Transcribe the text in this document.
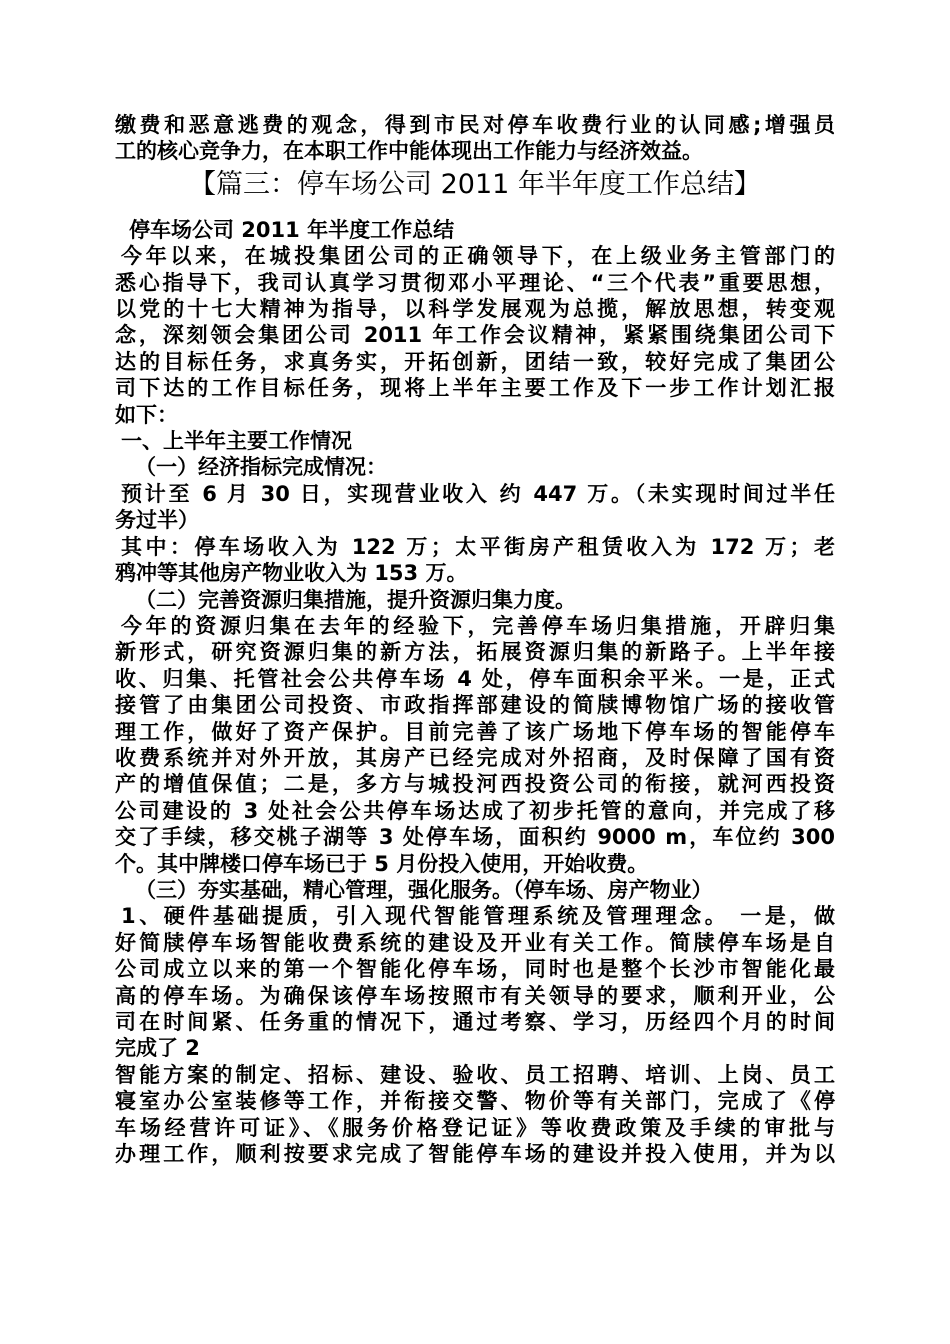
缴费和恶意逃费的观念，得到市民对停车收费行业的认同感;增强员
工的核心竞争力，在本职工作中能体现出工作能力与经济效益。
【篇三：停车场公司 2011 年半年度工作总结】
停车场公司 2011 年半度工作总结
今年以来，在城投集团公司的正确领导下，在上级业务主管部门的
悉心指导下，我司认真学习贯彻邓小平理论、“三个代表”重要思想，
以党的十七大精神为指导，以科学发展观为总揽，解放思想，转变观
念，深刻领会集团公司 2011 年工作会议精神，紧紧围绕集团公司下
达的目标任务，求真务实，开拓创新，团结一致，较好完成了集团公
司下达的工作目标任务，现将上半年主要工作及下一步工作计划汇报
如下：
一、上半年主要工作情况
（一）经济指标完成情况：
预计至 6 月 30 日，实现营业收入 约 447 万。（未实现时间过半任
务过半）
其中：停车场收入为 122 万；太平街房产租赁收入为 172 万；老
鸦冲等其他房产物业收入为 153 万。
（二）完善资源归集措施，提升资源归集力度。
今年的资源归集在去年的经验下，完善停车场归集措施，开辟归集
新形式，研究资源归集的新方法，拓展资源归集的新路子。上半年接
收、归集、托管社会公共停车场 4 处，停车面积余平米。一是，正式
接管了由集团公司投资、市政指挥部建设的简牍博物馆广场的接收管
理工作，做好了资产保护。目前完善了该广场地下停车场的智能停车
收费系统并对外开放，其房产已经完成对外招商，及时保障了国有资
产的增值保值；二是，多方与城投河西投资公司的衔接，就河西投资
公司建设的 3 处社会公共停车场达成了初步托管的意向，并完成了移
交了手续，移交桃子湖等 3 处停车场，面积约 9000 m，车位约 300
个。其中牌楼口停车场已于 5 月份投入使用，开始收费。
（三）夯实基础，精心管理，强化服务。（停车场、房产物业）
1、硬件基础提质，引入现代智能管理系统及管理理念。 一是，做
好简牍停车场智能收费系统的建设及开业有关工作。简牍停车场是自
公司成立以来的第一个智能化停车场，同时也是整个长沙市智能化最
高的停车场。为确保该停车场按照市有关领导的要求，顺利开业，公
司在时间紧、任务重的情况下，通过考察、学习，历经四个月的时间
完成了 2
智能方案的制定、招标、建设、验收、员工招聘、培训、上岗、员工
寝室办公室装修等工作，并衔接交警、物价等有关部门，完成了《停
车场经营许可证》、《服务价格登记证》等收费政策及手续的审批与
办理工作，顺利按要求完成了智能停车场的建设并投入使用，并为以
